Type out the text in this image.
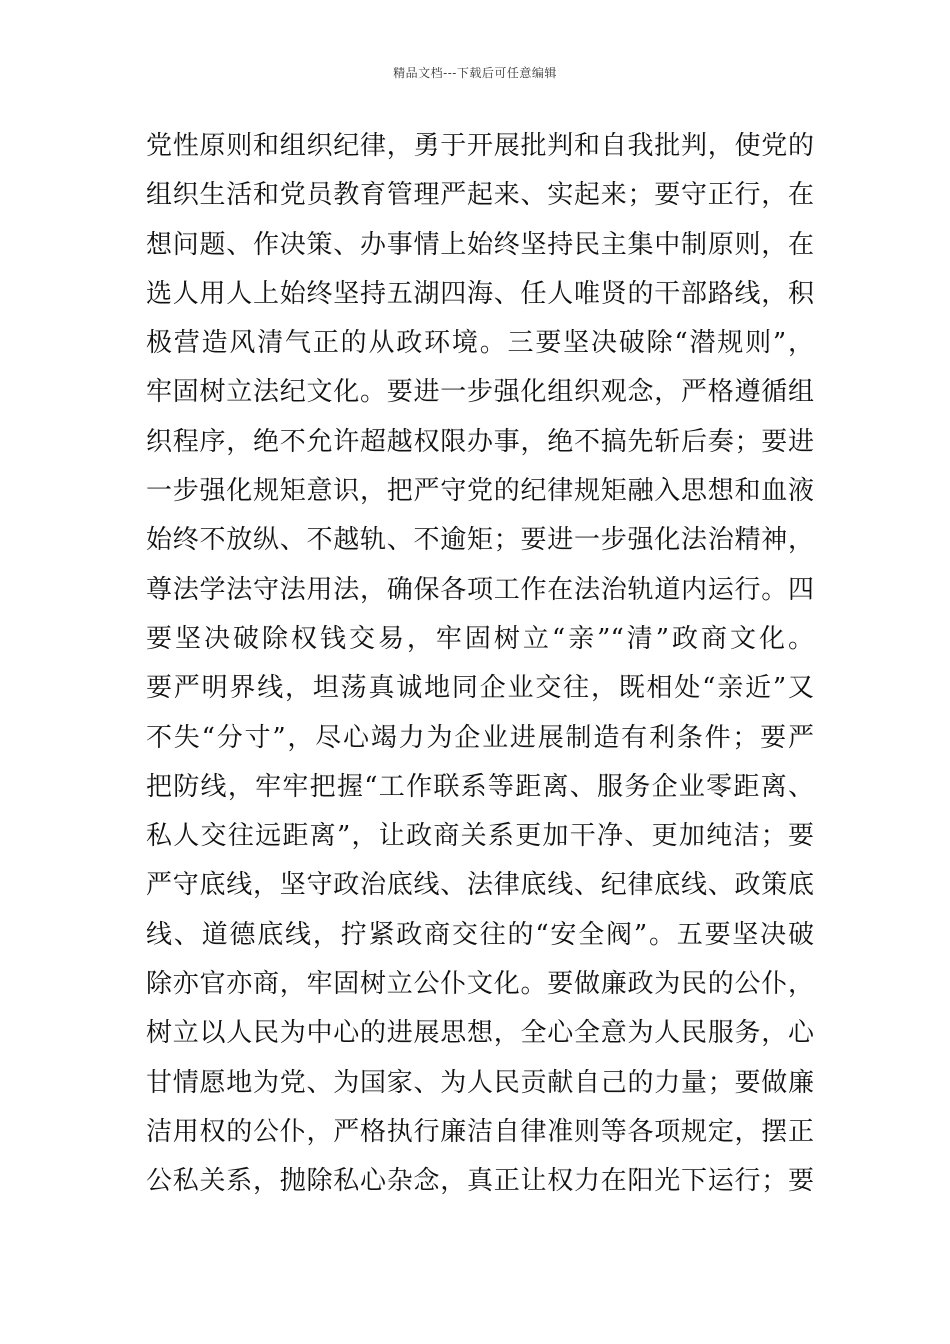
精品文档---下载后可任意编辑
党性原则和组织纪律，勇于开展批判和自我批判，使党的
组织生活和党员教育管理严起来、实起来；要守正行，在
想问题、作决策、办事情上始终坚持民主集中制原则，在
选人用人上始终坚持五湖四海、任人唯贤的干部路线，积
极营造风清气正的从政环境。三要坚决破除“潜规则”，
牢固树立法纪文化。要进一步强化组织观念，严格遵循组
织程序，绝不允许超越权限办事，绝不搞先斩后奏；要进
一步强化规矩意识，把严守党的纪律规矩融入思想和血液
始终不放纵、不越轨、不逾矩；要进一步强化法治精神，
尊法学法守法用法，确保各项工作在法治轨道内运行。四
要坚决破除权钱交易，牢固树立“亲”“清”政商文化。
要严明界线，坦荡真诚地同企业交往，既相处“亲近”又
不失“分寸”，尽心竭力为企业进展制造有利条件；要严
把防线，牢牢把握“工作联系等距离、服务企业零距离、
私人交往远距离”，让政商关系更加干净、更加纯洁；要
严守底线，坚守政治底线、法律底线、纪律底线、政策底
线、道德底线，拧紧政商交往的“安全阀”。五要坚决破
除亦官亦商，牢固树立公仆文化。要做廉政为民的公仆，
树立以人民为中心的进展思想，全心全意为人民服务，心
甘情愿地为党、为国家、为人民贡献自己的力量；要做廉
洁用权的公仆，严格执行廉洁自律准则等各项规定，摆正
公私关系，抛除私心杂念，真正让权力在阳光下运行；要
